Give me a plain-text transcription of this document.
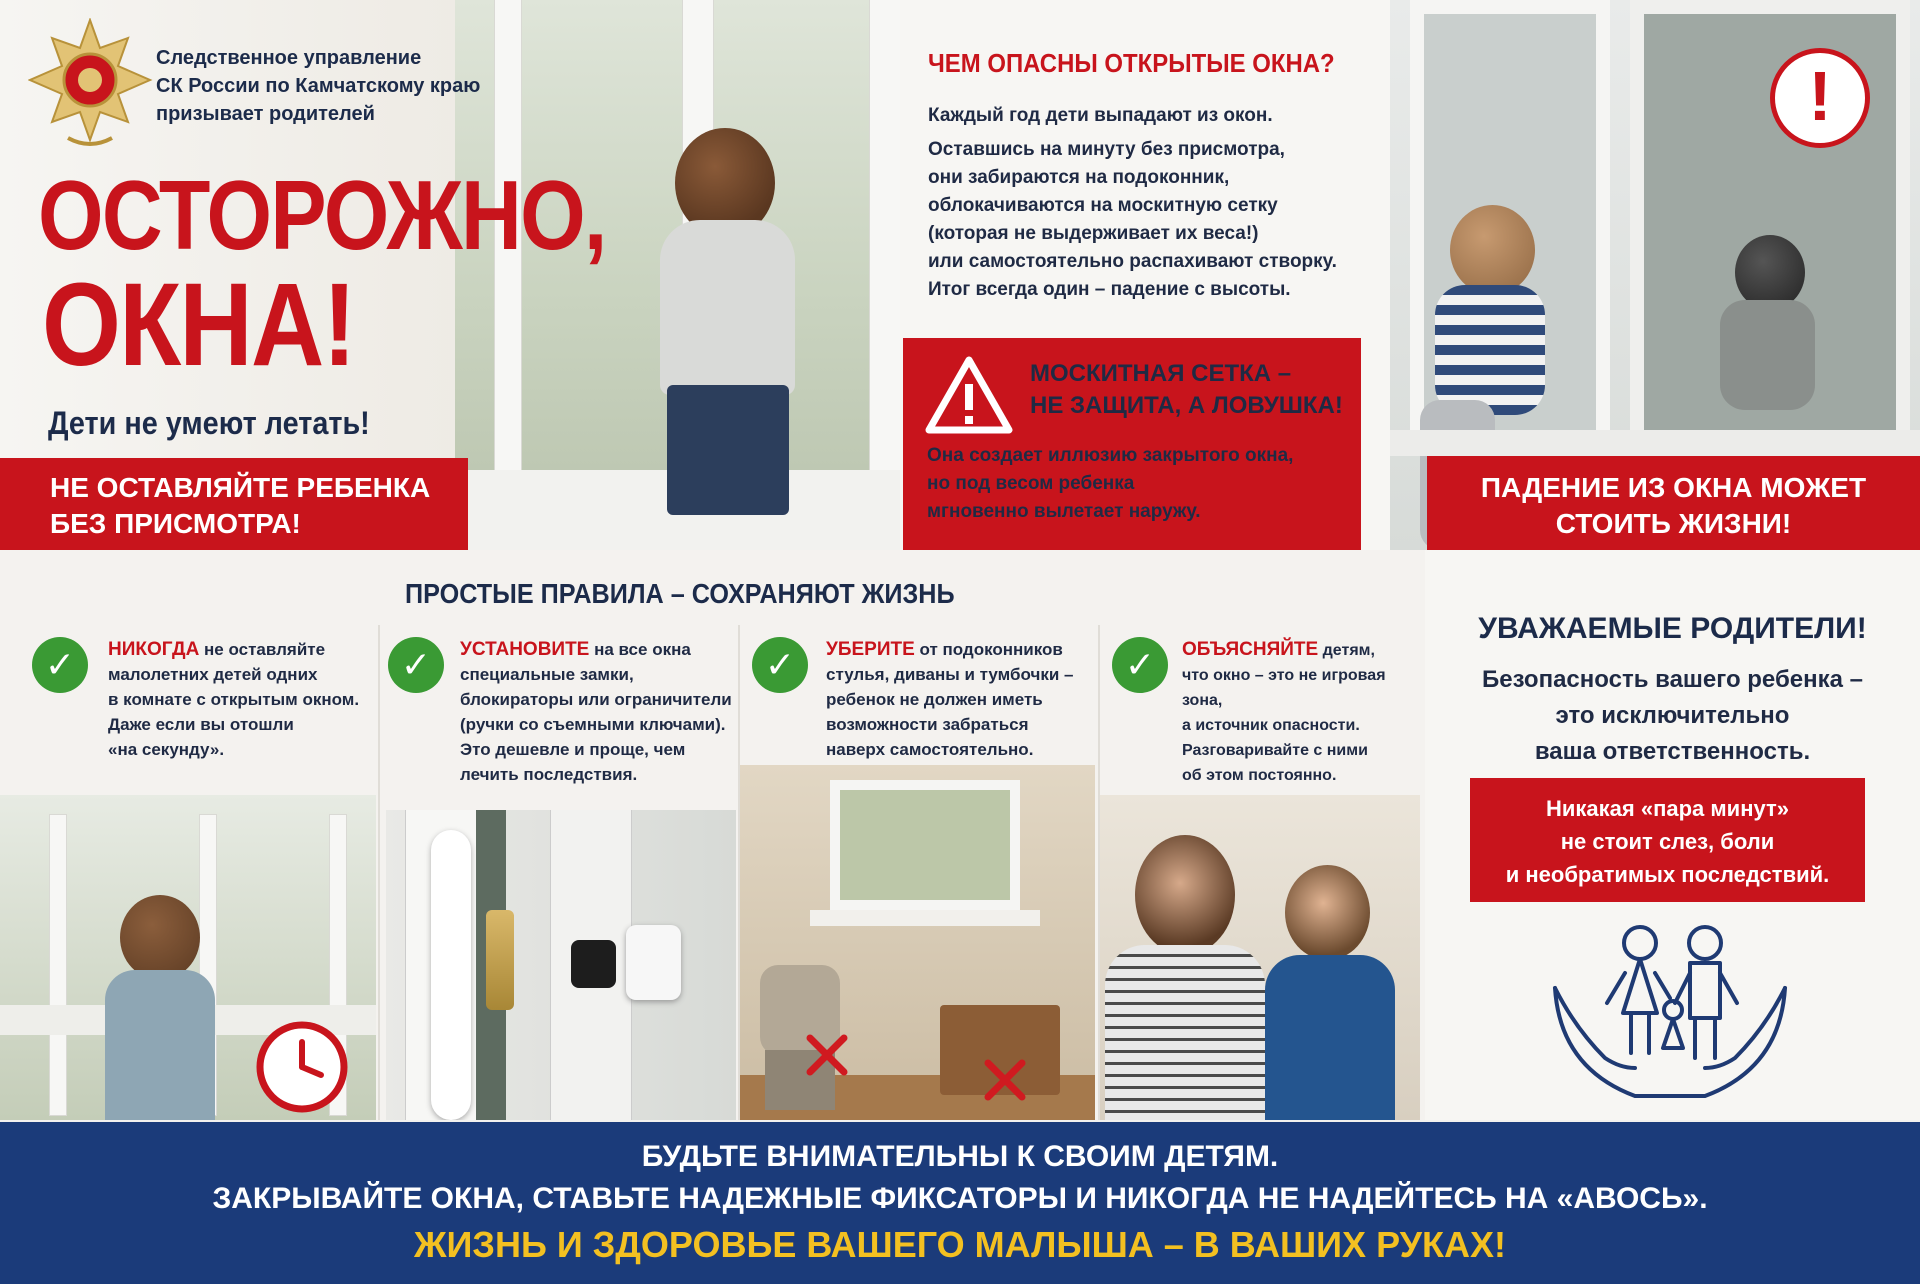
Следственное управление
СК России по Камчатскому краю
призывает родителей
ОСТОРОЖНО,
ОКНА!
Дети не умеют летать!
НЕ ОСТАВЛЯЙТЕ РЕБЕНКА
БЕЗ ПРИСМОТРА!
ЧЕМ ОПАСНЫ ОТКРЫТЫЕ ОКНА?
Каждый год дети выпадают из окон.
Оставшись на минуту без присмотра,
они забираются на подоконник,
облокачиваются на москитную сетку
(которая не выдерживает их веса!)
или самостоятельно распахивают створку.
Итог всегда один – падение с высоты.
МОСКИТНАЯ СЕТКА –
НЕ ЗАЩИТА, А ЛОВУШКА!
Она создает иллюзию закрытого окна,
но под весом ребенка
мгновенно вылетает наружу.
!
ПАДЕНИЕ ИЗ ОКНА МОЖЕТ
СТОИТЬ ЖИЗНИ!
ПРОСТЫЕ ПРАВИЛА – СОХРАНЯЮТ ЖИЗНЬ
✓	НИКОГДА не оставляйте
малолетних детей одних
в комнате с открытым окном.
Даже если вы отошли
«на секунду».
✓	УСТАНОВИТЕ на все окна
специальные замки,
блокираторы или ограничители
(ручки со съемными ключами).
Это дешевле и проще, чем
лечить последствия.
✓	УБЕРИТЕ от подоконников
стулья, диваны и тумбочки –
ребенок не должен иметь
возможности забраться
наверх самостоятельно.
✓	ОБЪЯСНЯЙТЕ детям,
что окно – это не игровая зона,
а источник опасности.
Разговаривайте с ними
об этом постоянно.
УВАЖАЕМЫЕ РОДИТЕЛИ!
Безопасность вашего ребенка –
это исключительно
ваша ответственность.
Никакая «пара минут»
не стоит слез, боли
и необратимых последствий.
БУДЬТЕ ВНИМАТЕЛЬНЫ К СВОИМ ДЕТЯМ.
ЗАКРЫВАЙТЕ ОКНА, СТАВЬТЕ НАДЕЖНЫЕ ФИКСАТОРЫ И НИКОГДА НЕ НАДЕЙТЕСЬ НА «АВОСЬ».
ЖИЗНЬ И ЗДОРОВЬЕ ВАШЕГО МАЛЫША – В ВАШИХ РУКАХ!
